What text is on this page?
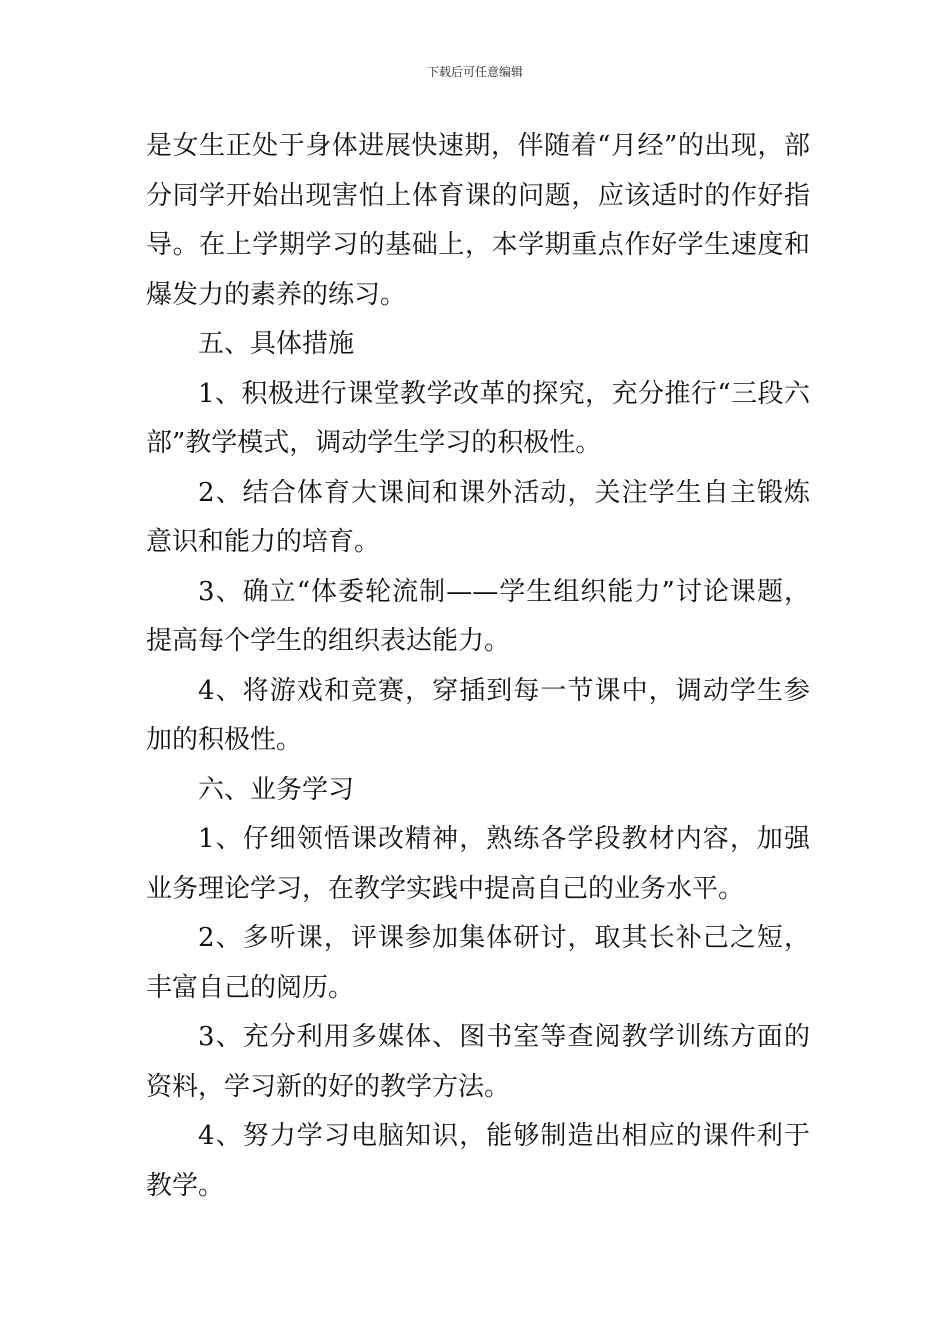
下载后可任意编辑

是女生正处于身体进展快速期，伴随着“月经”的出现，部分同学开始出现害怕上体育课的问题，应该适时的作好指导。在上学期学习的基础上，本学期重点作好学生速度和爆发力的素养的练习。

五、具体措施

1、积极进行课堂教学改革的探究，充分推行“三段六部”教学模式，调动学生学习的积极性。

2、结合体育大课间和课外活动，关注学生自主锻炼意识和能力的培育。

3、确立“体委轮流制——学生组织能力”讨论课题，提高每个学生的组织表达能力。

4、将游戏和竞赛，穿插到每一节课中，调动学生参加的积极性。

六、业务学习

1、仔细领悟课改精神，熟练各学段教材内容，加强业务理论学习，在教学实践中提高自己的业务水平。

2、多听课，评课参加集体研讨，取其长补己之短，丰富自己的阅历。

3、充分利用多媒体、图书室等查阅教学训练方面的资料，学习新的好的教学方法。

4、努力学习电脑知识，能够制造出相应的课件利于教学。
